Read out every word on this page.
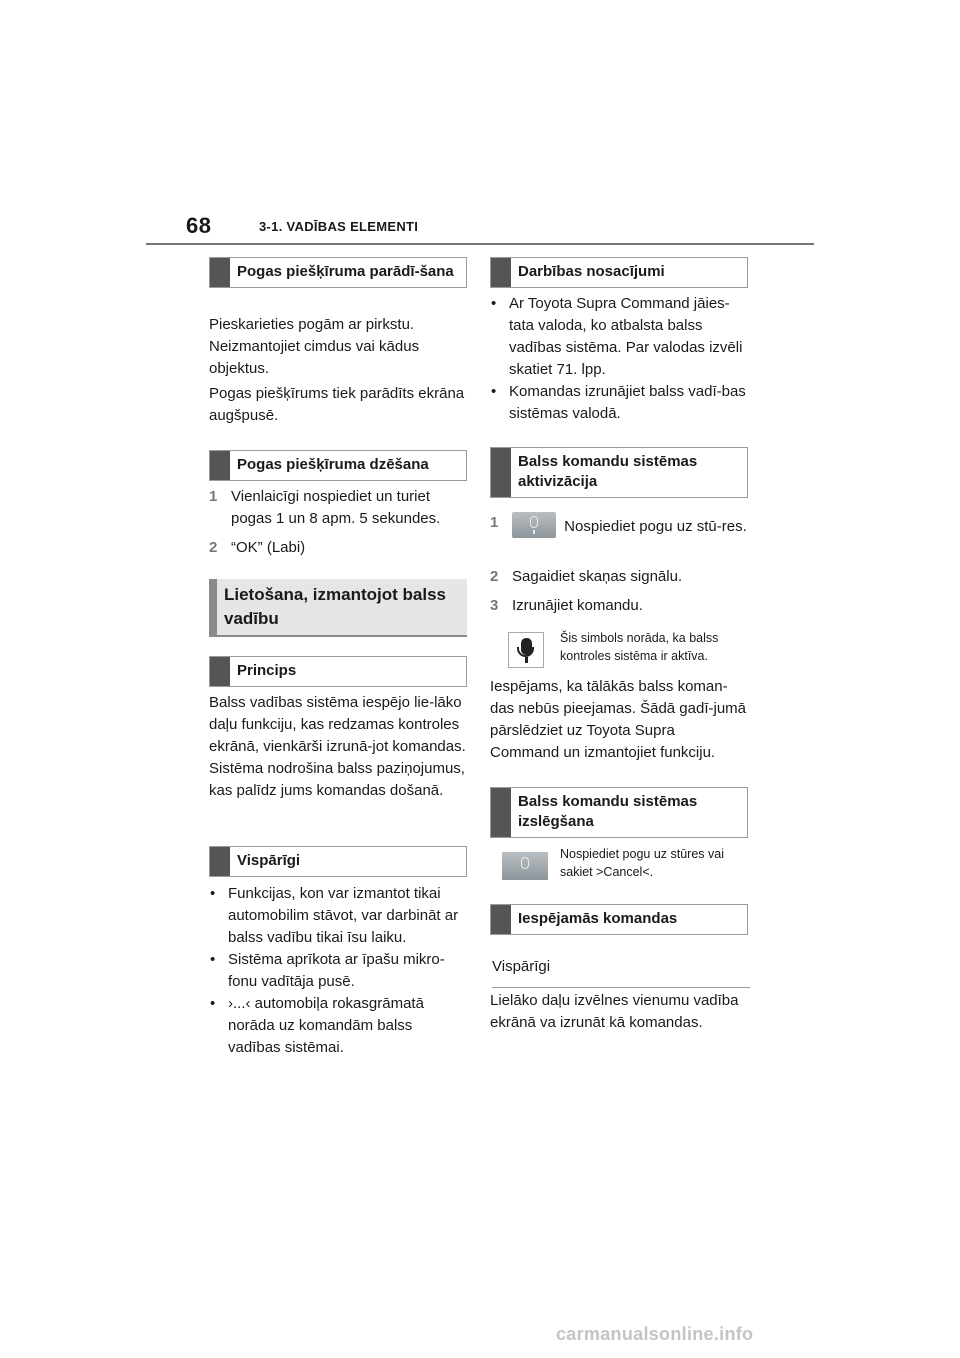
68	3-1. VADĪBAS ELEMENTI
Pogas piešķīruma parādī-šana

Pieskarieties pogām ar pirkstu. Neizmantojiet cimdus vai kādus objektus.

Pogas piešķīrums tiek parādīts ekrāna augšpusē.

Pogas piešķīruma dzēšana
1 Vienlaicīgi nospiediet un turiet pogas 1 un 8 apm. 5 sekundes.
2 “OK” (Labi)
Lietošana, izmantojot balss vadību
Princips

Balss vadības sistēma iespējo lie-lāko daļu funkciju, kas redzamas kontroles ekrānā, vienkārši izrunā-jot komandas. Sistēma nodrošina balss paziņojumus, kas palīdz jums komandas došanā.

Vispārīgi
• Funkcijas, kon var izmantot tikai automobilim stāvot, var darbināt ar balss vadību tikai īsu laiku.
• Sistēma aprīkota ar īpašu mikro-fonu vadītāja pusē.
• ›...‹ automobiļa rokasgrāmatā norāda uz komandām balss vadības sistēmai.
Darbības nosacījumi
• Ar Toyota Supra Command jāies-tata valoda, ko atbalsta balss vadības sistēma. Par valodas izvēli skatiet 71. lpp.
• Komandas izrunājiet balss vadī-bas sistēmas valodā.
Balss komandu sistēmas aktivizācija
1	Nospiediet pogu uz stū-res.
2 Sagaidiet skaņas signālu.
3 Izrunājiet komandu.
Šis simbols norāda, ka balss kontroles sistēma ir aktīva.

Iespējams, ka tālākās balss koman-das nebūs pieejamas. Šādā gadī-jumā pārslēdziet uz Toyota Supra Command un izmantojiet funkciju.

Balss komandu sistēmas izslēgšana
Nospiediet pogu uz stūres vai sakiet >Cancel<.
Iespējamās komandas
Vispārīgi

Lielāko daļu izvēlnes vienumu vadība ekrānā va izrunāt kā komandas.

carmanualsonline.info
